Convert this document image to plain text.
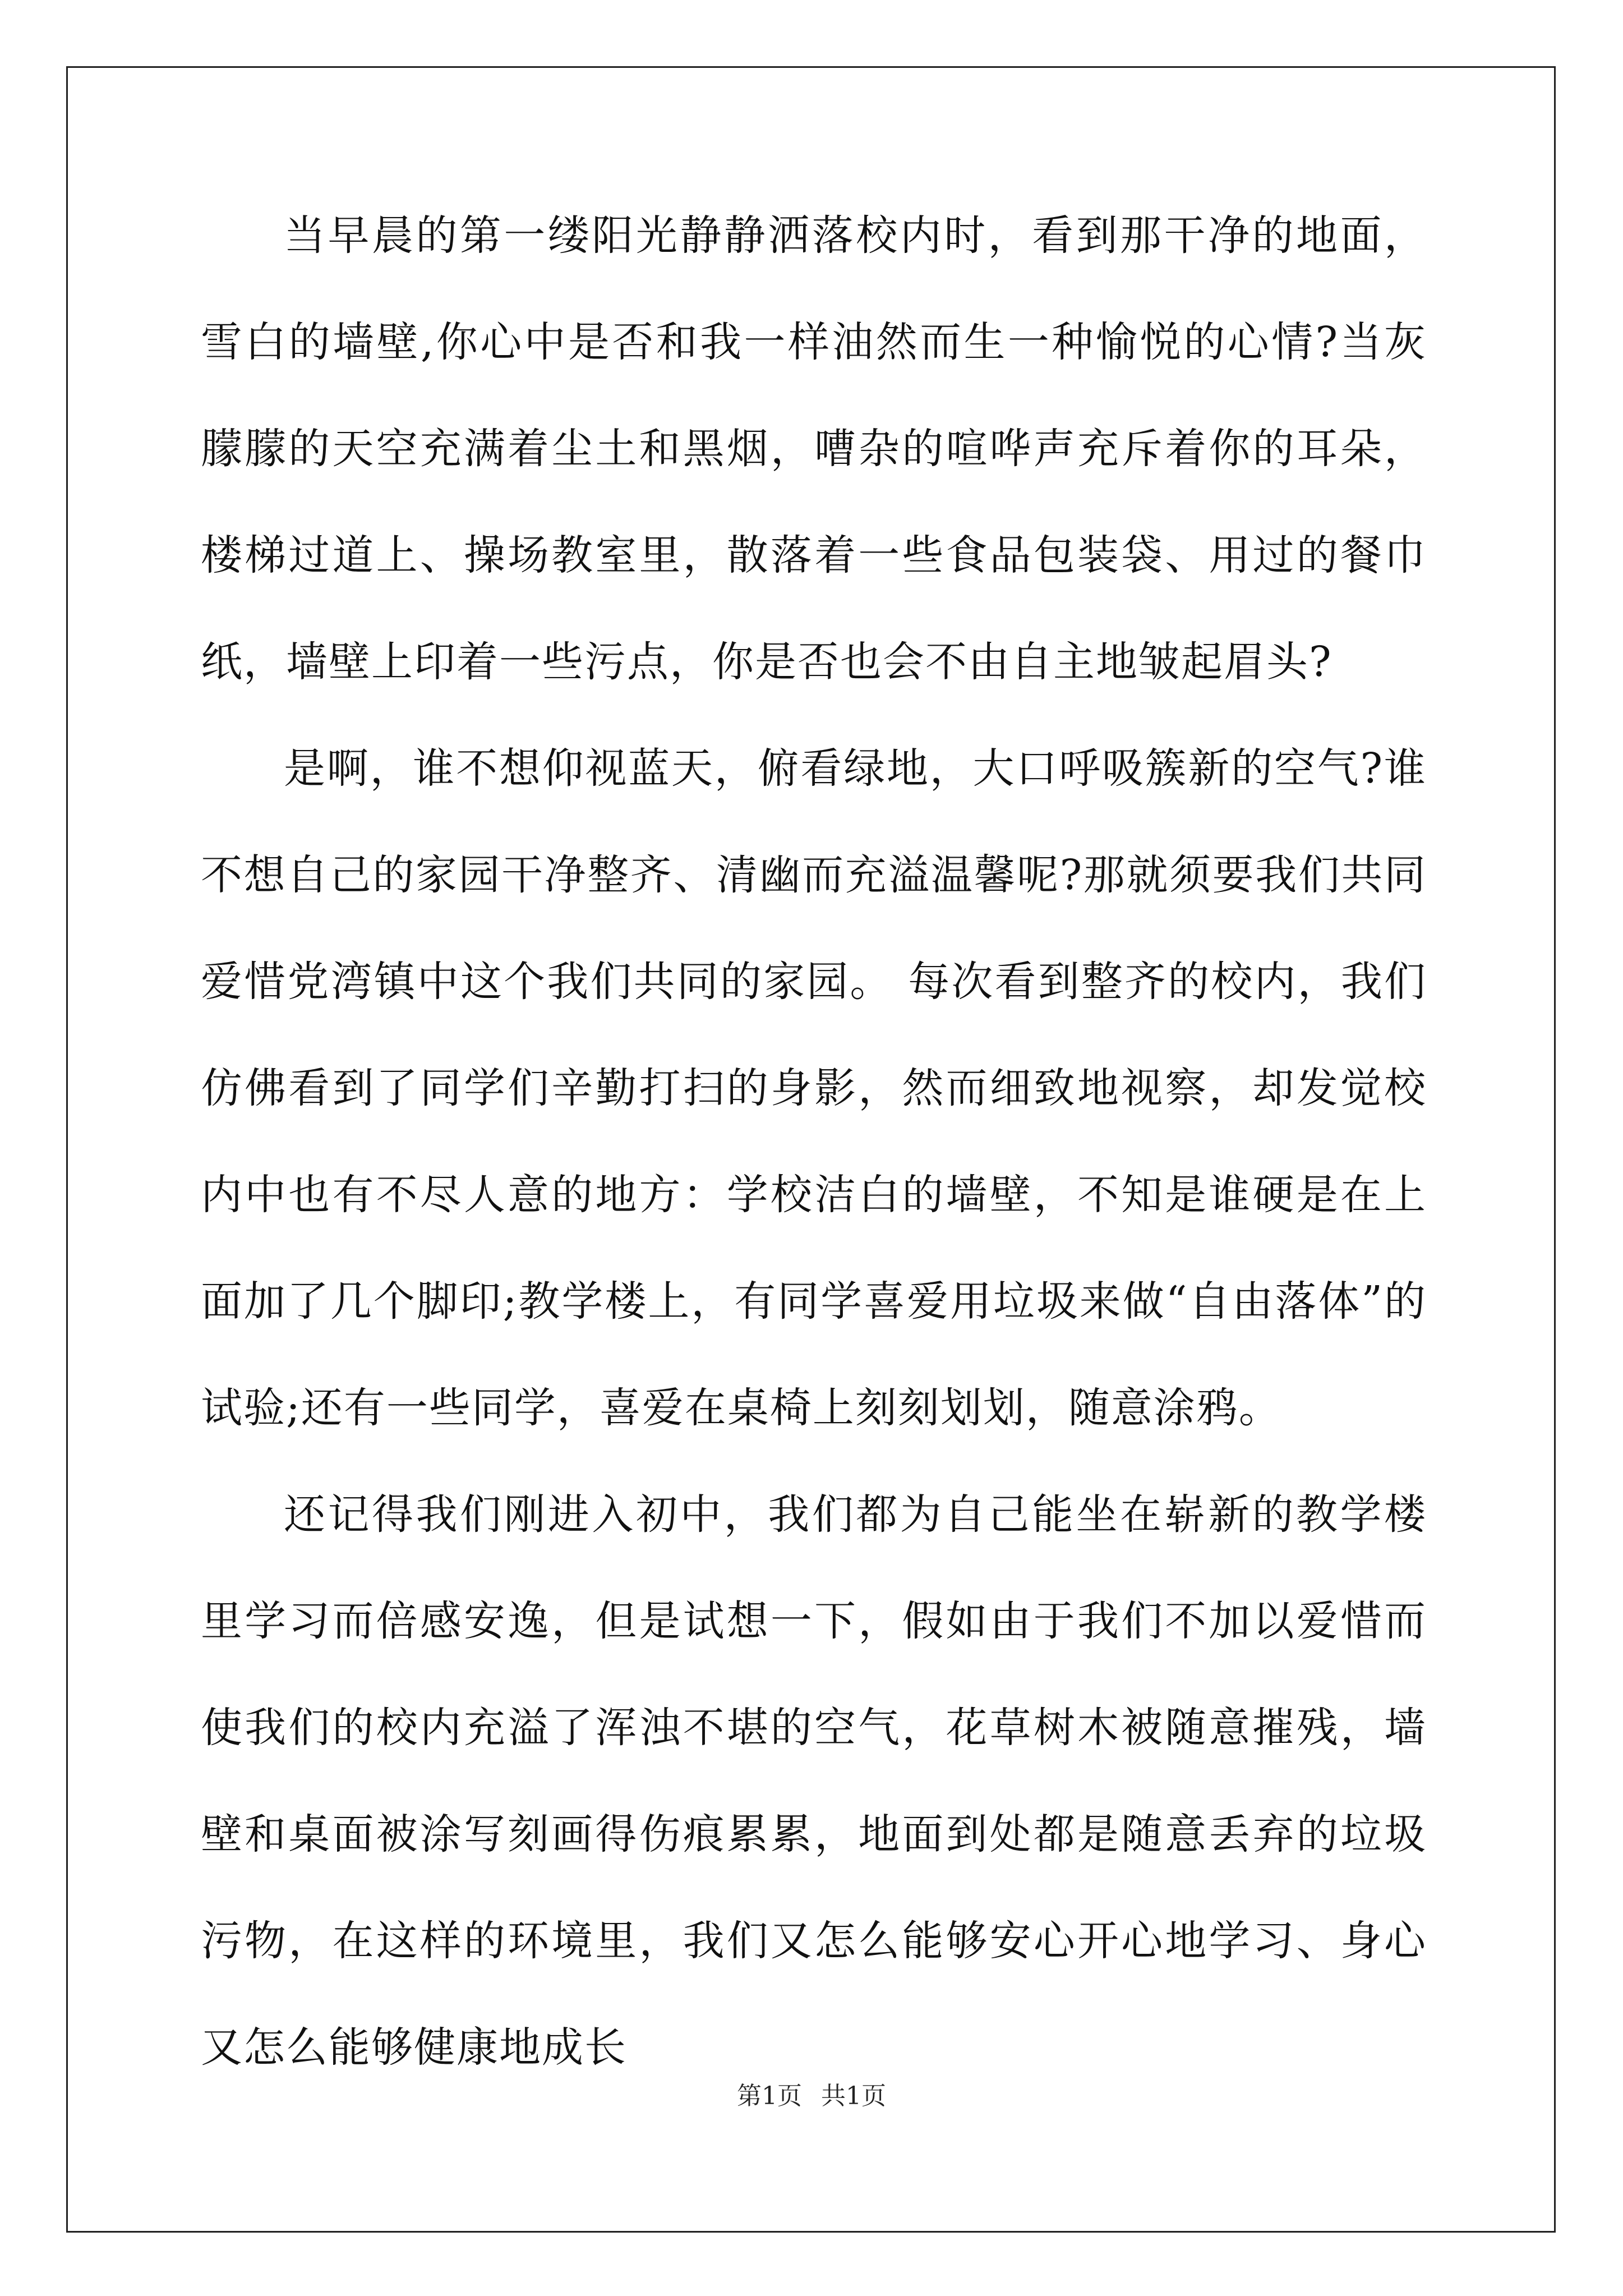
当早晨的第一缕阳光静静洒落校内时，看到那干净的地面，雪白的墙壁,你心中是否和我一样油然而生一种愉悦的心情?当灰朦朦的天空充满着尘土和黑烟，嘈杂的喧哗声充斥着你的耳朵，楼梯过道上、操场教室里，散落着一些食品包装袋、用过的餐巾纸，墙壁上印着一些污点，你是否也会不由自主地皱起眉头?

是啊，谁不想仰视蓝天，俯看绿地，大口呼吸簇新的空气?谁不想自己的家园干净整齐、清幽而充溢温馨呢?那就须要我们共同爱惜党湾镇中这个我们共同的家园。 每次看到整齐的校内，我们仿佛看到了同学们辛勤打扫的身影，然而细致地视察，却发觉校内中也有不尽人意的地方：学校洁白的墙壁，不知是谁硬是在上面加了几个脚印;教学楼上，有同学喜爱用垃圾来做“自由落体”的试验;还有一些同学，喜爱在桌椅上刻刻划划，随意涂鸦。

还记得我们刚进入初中，我们都为自己能坐在崭新的教学楼里学习而倍感安逸，但是试想一下，假如由于我们不加以爱惜而使我们的校内充溢了浑浊不堪的空气，花草树木被随意摧残，墙壁和桌面被涂写刻画得伤痕累累，地面到处都是随意丢弃的垃圾污物，在这样的环境里，我们又怎么能够安心开心地学习、身心又怎么能够健康地成长

第1页 共1页
